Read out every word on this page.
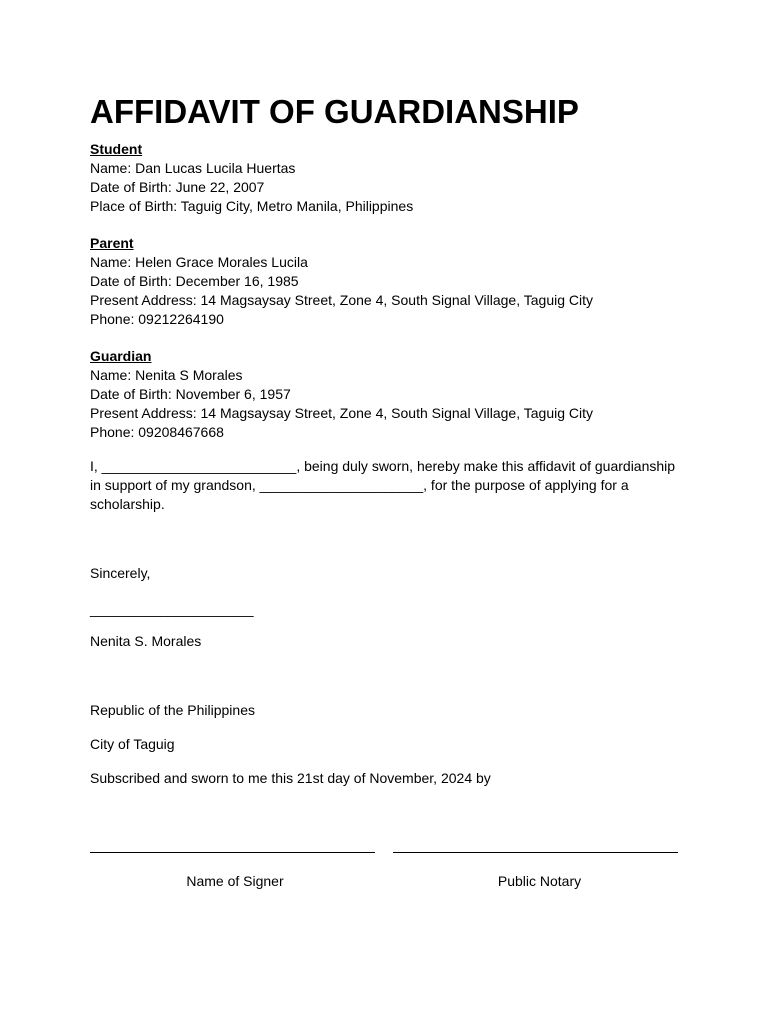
AFFIDAVIT OF GUARDIANSHIP
Student
Name: Dan Lucas Lucila Huertas
Date of Birth: June 22, 2007
Place of Birth: Taguig City, Metro Manila, Philippines
Parent
Name: Helen Grace Morales Lucila
Date of Birth: December 16, 1985
Present Address: 14 Magsaysay Street, Zone 4, South Signal Village, Taguig City
Phone: 09212264190
Guardian
Name: Nenita S Morales
Date of Birth: November 6, 1957
Present Address: 14 Magsaysay Street, Zone 4, South Signal Village, Taguig City
Phone: 09208467668
I, _________________________, being duly sworn, hereby make this affidavit of guardianship
in support of my grandson, _____________________, for the purpose of applying for a
scholarship.
Sincerely,
_____________________
Nenita S. Morales
Republic of the Philippines
City of Taguig
Subscribed and sworn to me this 21st day of November, 2024 by
Name of Signer	Public Notary
